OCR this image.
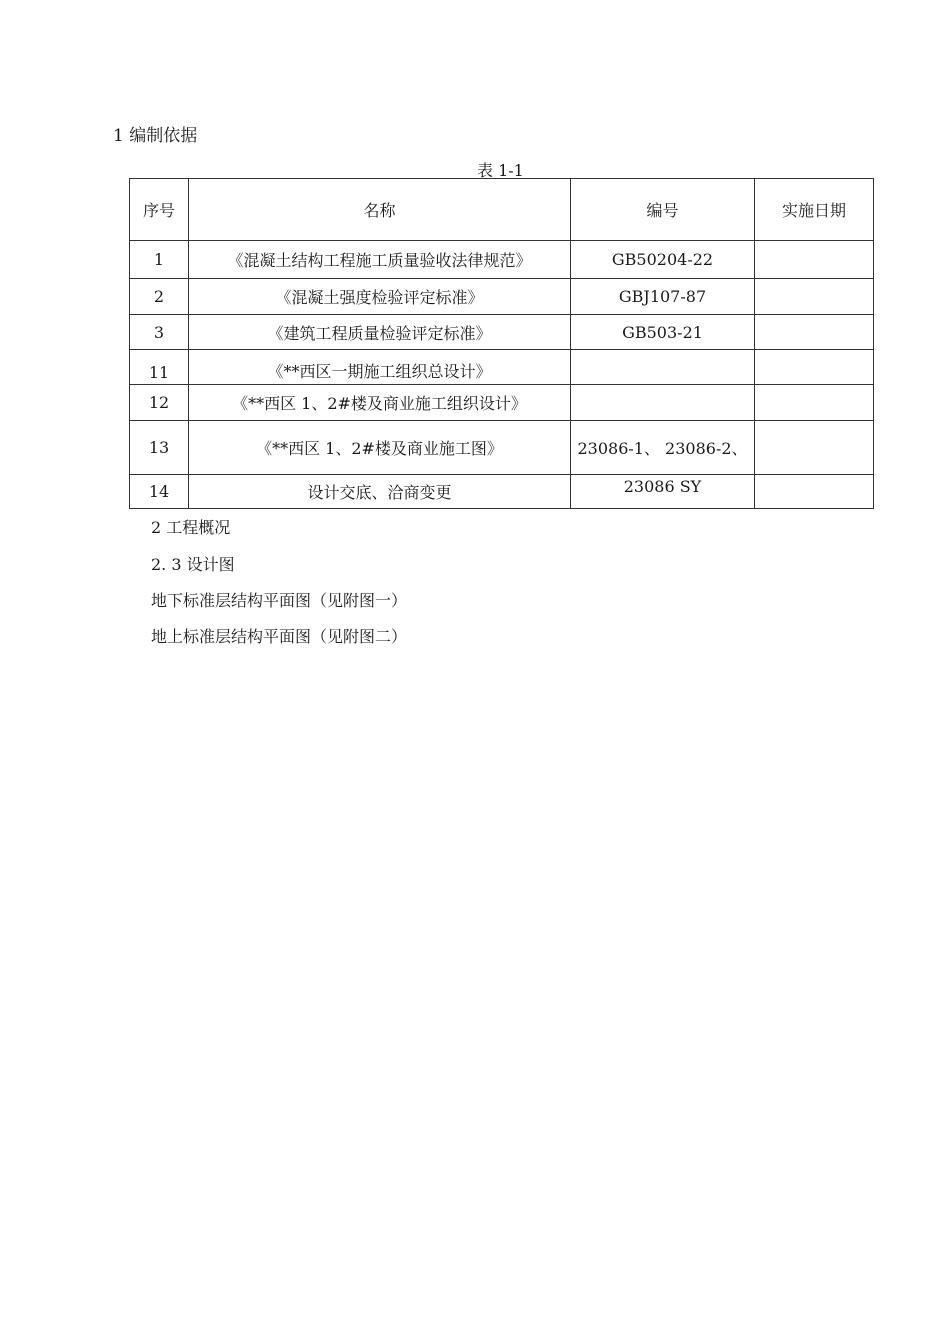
1 编制依据
表 1-1
序号	名称	编号	实施日期
1	《混凝土结构工程施工质量验收法律规范》	GB50204-22	
2	《混凝土强度检验评定标准》	GBJ107-87	
3	《建筑工程质量检验评定标准》	GB503-21	
11	《**西区一期施工组织总设计》		
12	《**西区 1、2#楼及商业施工组织设计》		
13	《**西区 1、2#楼及商业施工图》	23086-1、 23086-2、	
14	设计交底、洽商变更	23086 SY	

2 工程概况
2. 3 设计图
地下标准层结构平面图（见附图一）
地上标准层结构平面图（见附图二）
